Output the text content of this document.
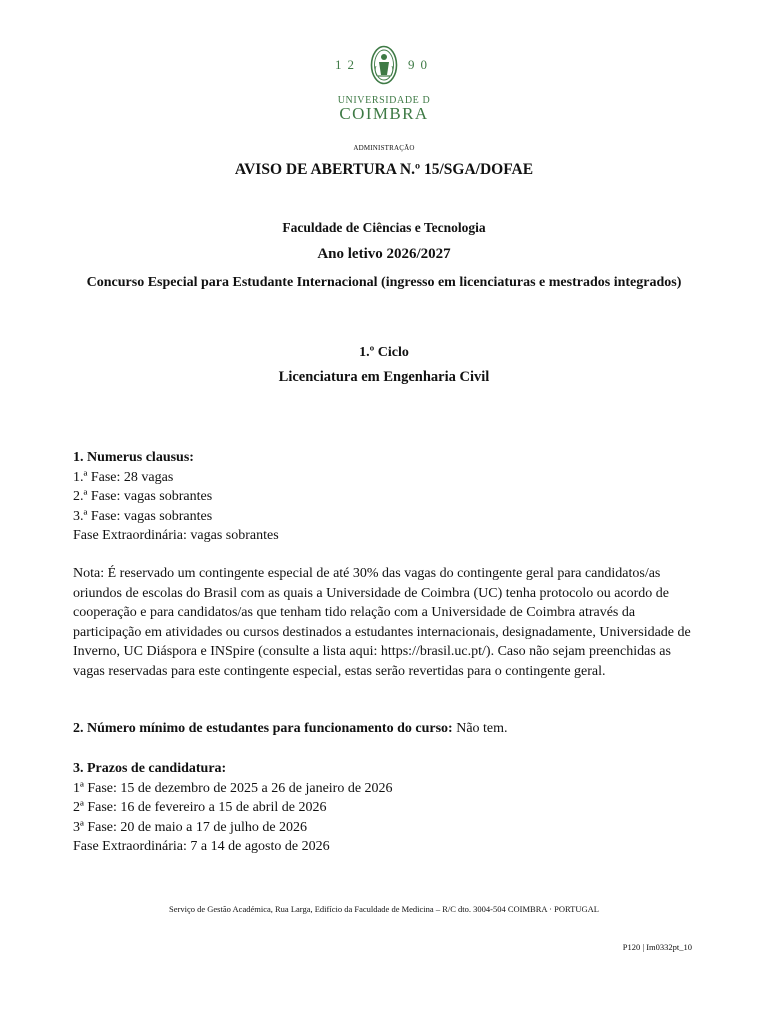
12	90
UNIVERSIDADE D
COIMBRA
ADMINISTRAÇÃO
AVISO DE ABERTURA N.º 15/SGA/DOFAE
Faculdade de Ciências e Tecnologia
Ano letivo 2026/2027
Concurso Especial para Estudante Internacional (ingresso em licenciaturas e mestrados integrados)
1.º Ciclo
Licenciatura em Engenharia Civil

1. Numerus clausus:

1.ª Fase: 28 vagas

2.ª Fase: vagas sobrantes

3.ª Fase: vagas sobrantes

Fase Extraordinária: vagas sobrantes

Nota: É reservado um contingente especial de até 30% das vagas do contingente geral para candidatos/as oriundos de escolas do Brasil com as quais a Universidade de Coimbra (UC) tenha protocolo ou acordo de cooperação e para candidatos/as que tenham tido relação com a Universidade de Coimbra através da participação em atividades ou cursos destinados a estudantes internacionais, designadamente, Universidade de Inverno, UC Diáspora e INSpire (consulte a lista aqui: https://brasil.uc.pt/). Caso não sejam preenchidas as vagas reservadas para este contingente especial, estas serão revertidas para o contingente geral.

2. Número mínimo de estudantes para funcionamento do curso: Não tem.

3. Prazos de candidatura:

1ª Fase: 15 de dezembro de 2025 a 26 de janeiro de 2026

2ª Fase: 16 de fevereiro a 15 de abril de 2026

3ª Fase: 20 de maio a 17 de julho de 2026

Fase Extraordinária: 7 a 14 de agosto de 2026

Serviço de Gestão Académica, Rua Larga, Edifício da Faculdade de Medicina – R/C dto. 3004-504 COIMBRA · PORTUGAL
P120 | Im0332pt_10
